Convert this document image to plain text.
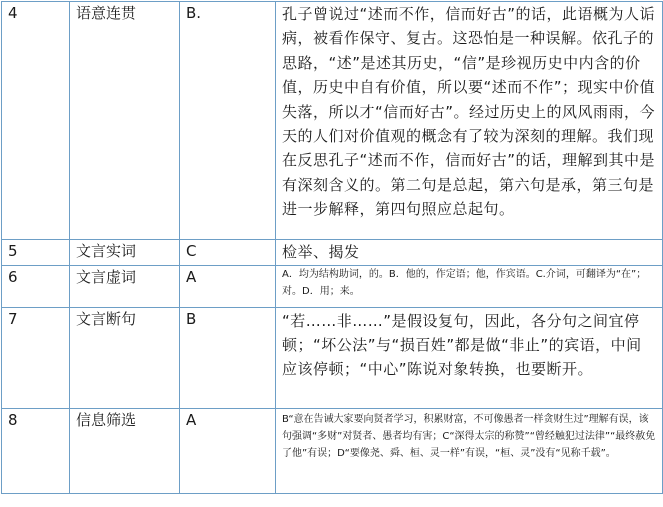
4	语意连贯	B.	孔子曾说过“述而不作，信而好古”的话，此语概为人诟病，被看作保守、复古。这恐怕是一种误解。依孔子的思路，“述”是述其历史，“信”是珍视历史中内含的价值，历史中自有价值，所以要“述而不作”；现实中价值失落，所以才“信而好古”。经过历史上的风风雨雨，今天的人们对价值观的概念有了较为深刻的理解。我们现在反思孔子“述而不作，信而好古”的话，理解到其中是有深刻含义的。第二句是总起，第六句是承，第三句是进一步解释，第四句照应总起句。
5	文言实词	C	检举、揭发
6	文言虚词	A	A．均为结构助词，的。B．他的，作定语；他，作宾语。C.介词，可翻译为“在”；对。D．用；来。
7	文言断句	B	“若……非……”是假设复句，因此，各分句之间宜停顿；“坏公法”与“损百姓”都是做“非止”的宾语，中间应该停顿；“中心”陈说对象转换，也要断开。
8	信息筛选	A	B“意在告诫大家要向贤者学习，积累财富，不可像愚者一样贪财生过”理解有误，该句强调“多财”对贤者、愚者均有害；C“深得太宗的称赞”“曾经触犯过法律”“最终赦免了他”有误；D“要像尧、舜、桓、灵一样”有误，“桓、灵”没有“见称千载”。
